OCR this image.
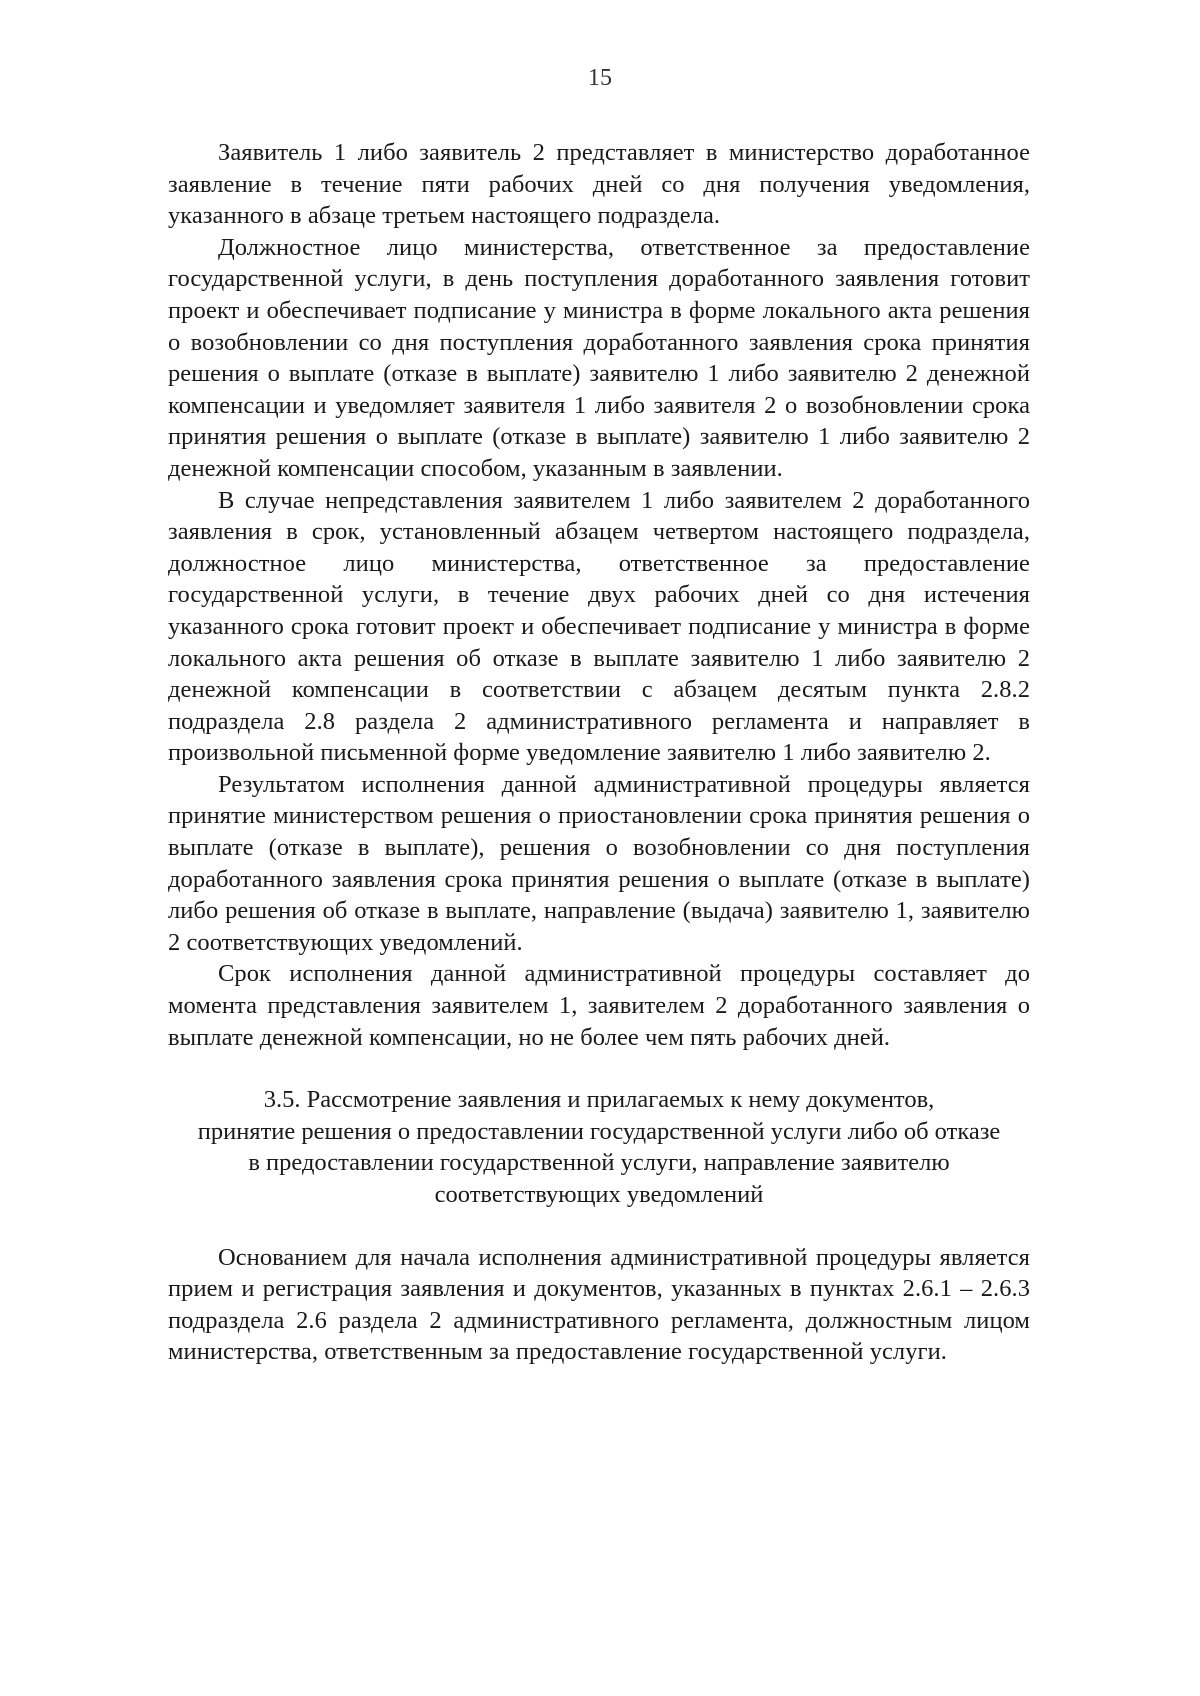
15

Заявитель 1 либо заявитель 2 представляет в министерство доработанное заявление в течение пяти рабочих дней со дня получения уведомления, указанного в абзаце третьем настоящего подраздела.

Должностное лицо министерства, ответственное за предоставление государственной услуги, в день поступления доработанного заявления готовит проект и обеспечивает подписание у министра в форме локального акта решения о возобновлении со дня поступления доработанного заявления срока принятия решения о выплате (отказе в выплате) заявителю 1 либо заявителю 2 денежной компенсации и уведомляет заявителя 1 либо заявителя 2 о возобновлении срока принятия решения о выплате (отказе в выплате) заявителю 1 либо заявителю 2 денежной компенсации способом, указанным в заявлении.

В случае непредставления заявителем 1 либо заявителем 2 доработанного заявления в срок, установленный абзацем четвертом настоящего подраздела, должностное лицо министерства, ответственное за предоставление государственной услуги, в течение двух рабочих дней со дня истечения указанного срока готовит проект и обеспечивает подписание у министра в форме локального акта решения об отказе в выплате заявителю 1 либо заявителю 2 денежной компенсации в соответствии с абзацем десятым пункта 2.8.2 подраздела 2.8 раздела 2 административного регламента и направляет в произвольной письменной форме уведомление заявителю 1 либо заявителю 2.

Результатом исполнения данной административной процедуры является принятие министерством решения о приостановлении срока принятия решения о выплате (отказе в выплате), решения о возобновлении со дня поступления доработанного заявления срока принятия решения о выплате (отказе в выплате) либо решения об отказе в выплате, направление (выдача) заявителю 1, заявителю 2 соответствующих уведомлений.

Срок исполнения данной административной процедуры составляет до момента представления заявителем 1, заявителем 2 доработанного заявления о выплате денежной компенсации, но не более чем пять рабочих дней.

3.5. Рассмотрение заявления и прилагаемых к нему документов,
принятие решения о предоставлении государственной услуги либо об отказе
в предоставлении государственной услуги, направление заявителю
соответствующих уведомлений

Основанием для начала исполнения административной процедуры является прием и регистрация заявления и документов, указанных в пунктах 2.6.1 – 2.6.3 подраздела 2.6 раздела 2 административного регламента, должностным лицом министерства, ответственным за предоставление государственной услуги.
